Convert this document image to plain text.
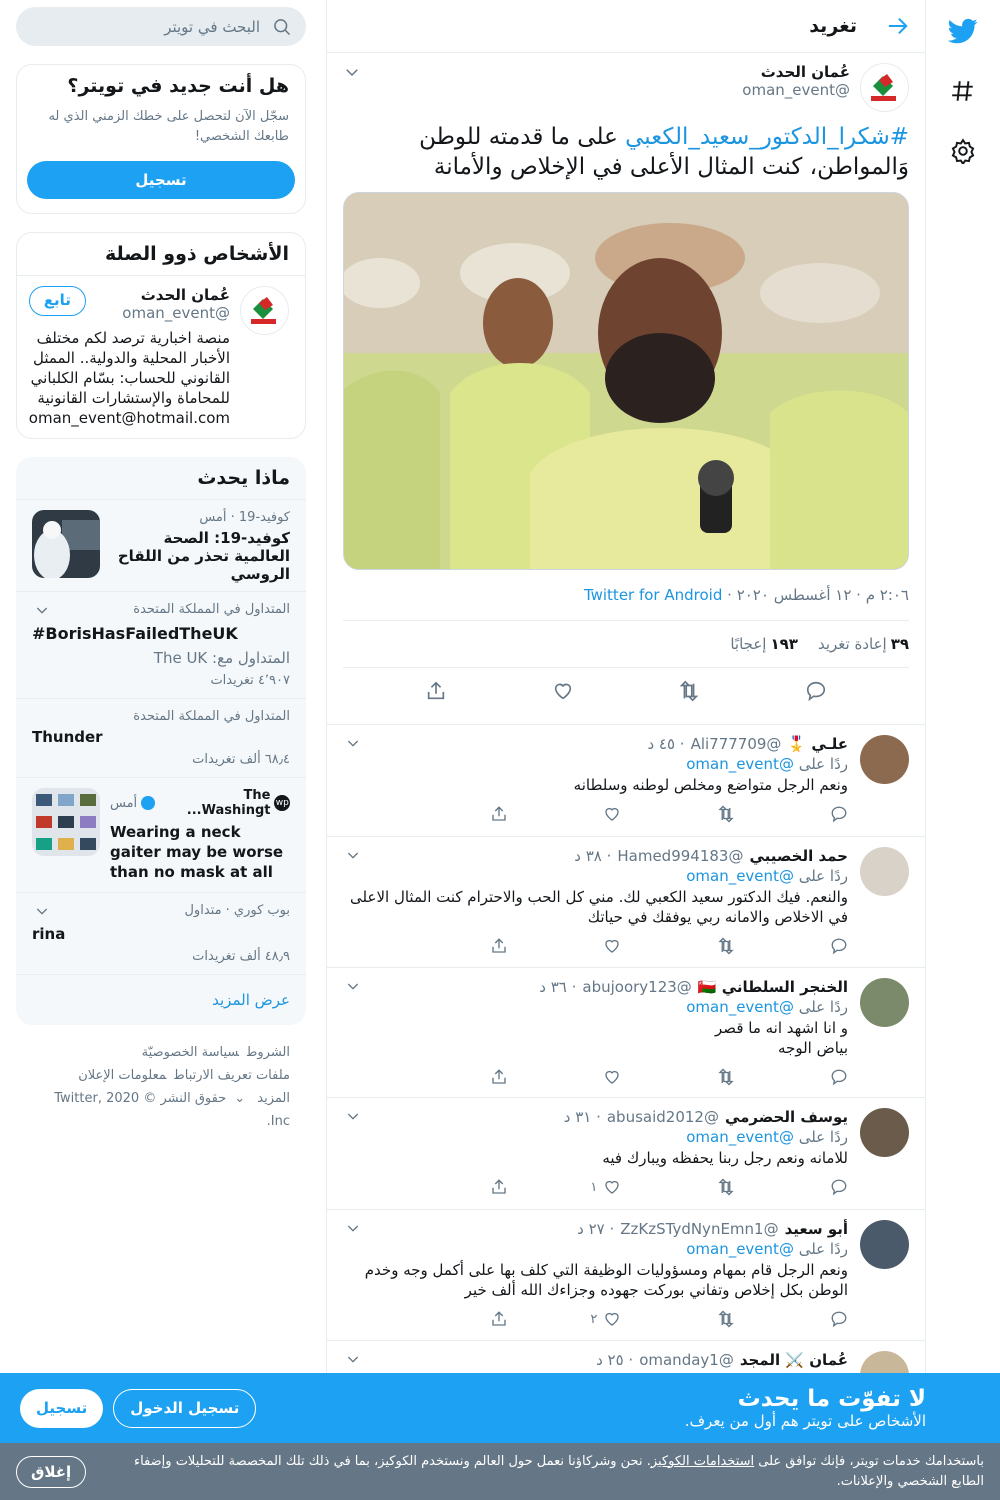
تغريد
عُمان الحدث
@oman_event
#شكرا_الدكتور_سعيد_الكعبي على ما قدمته للوطن وَالمواطن، كنت المثال الأعلى في الإخلاص والأمانة
٢:٠٦ م · ١٢ أغسطس ٢٠٢٠ · Twitter for Android
٣٩إعادة تغريد
١٩٣إعجابًا
علـي 🎖️
@Ali777709
· ٤٥ د
ردًا على @oman_event
ونعم الرجل متواضع ومخلص لوطنه وسلطانه
حمد الخصيبي
@Hamed994183
· ٣٨ د
ردًا على @oman_event
والنعم. فيك الدكتور سعيد الكعبي لك. مني كل الحب والاحترام كنت المثال الاعلى في الاخلاص والامانه ربي يوفقك في حياتك
الخنجر السلطاني 🇴🇲
@abujoory123
· ٣٦ د
ردًا على @oman_event
و انا اشهد انه ما قصر
بياض الوجه
يوسف الحضرمي
@abusaid2012
· ٣١ د
ردًا على @oman_event
للامانه ونعم رجل ربنا يحفظه ويبارك فيه
١
أبو سعيد
@ZzKzSTydNynEmn1
· ٢٧ د
ردًا على @oman_event
ونعم الرجل قام بمهام ومسؤوليات الوظيفة التي كلف بها على أكمل وجه وخدم الوطن بكل إخلاص وتفاني بوركت جهوده وجزاءك الله ألف خير
٢
عُمان ⚔️ المجد
@omanday1
· ٢٥ د
البحث في تويتر
هل أنت جديد في تويتر؟
سجّل الآن لتحصل على خطك الزمني الذي له طابعك الشخصي!
تسجيل
الأشخاص ذوو الصلة
عُمان الحدث
@oman_event
تابع
منصة اخبارية ترصد لكم مختلف الأخبار المحلية والدولية.. الممثل القانوني للحساب: بسّام الكلباني للمحاماة والإستشارات القانونية
oman_event@hotmail.com
ماذا يحدث
كوفيد-19 · أمس
كوفيد-19: الصحة العالمية تحذر من اللقاح الروسي
المتداول في المملكة المتحدة
#BorisHasFailedTheUK
المتداول مع: The UK
٤٬٩٠٧ تغريدات
المتداول في المملكة المتحدة
Thunder
٦٨٫٤ ألف تغريدات
wp
The Washingt...
أمس
Wearing a neck gaiter may be worse than no mask at all
بوب كوري · متداول
rina
٤٨٫٩ ألف تغريدات
عرض المزيد
الشروطسياسة الخصوصيّة
ملفات تعريف الارتباطمعلومات الإعلان
المزيد ⌄حقوق النشر © 2020 Twitter, Inc.
لا تفوّت ما يحدث
الأشخاص على تويتر هم أول من يعرف.
تسجيل	تسجيل الدخول
باستخدامك خدمات تويتر، فإنك توافق على استخدامات الكوكيز. نحن وشركاؤنا نعمل حول العالم ونستخدم الكوكيز، بما في ذلك تلك المخصصة للتحليلات وإضفاء الطابع الشخصي والإعلانات.
إغلاق
